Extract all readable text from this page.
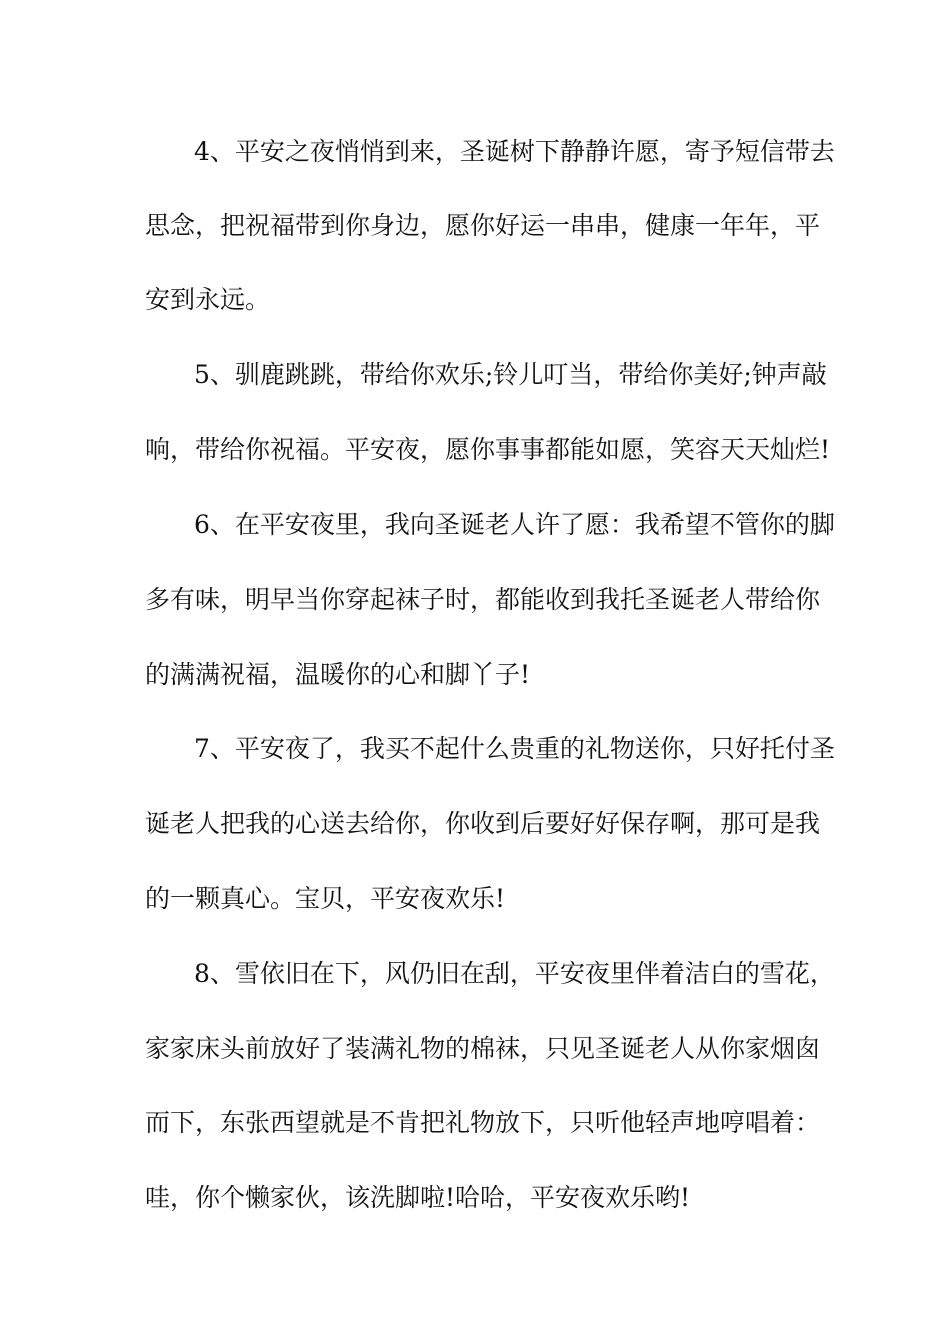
4、平安之夜悄悄到来，圣诞树下静静许愿，寄予短信带去
思念，把祝福带到你身边，愿你好运一串串，健康一年年，平
安到永远。
5、驯鹿跳跳，带给你欢乐;铃儿叮当，带给你美好;钟声敲
响，带给你祝福。平安夜，愿你事事都能如愿，笑容天天灿烂!
6、在平安夜里，我向圣诞老人许了愿：我希望不管你的脚
多有味，明早当你穿起袜子时，都能收到我托圣诞老人带给你
的满满祝福，温暖你的心和脚丫子!
7、平安夜了，我买不起什么贵重的礼物送你，只好托付圣
诞老人把我的心送去给你，你收到后要好好保存啊，那可是我
的一颗真心。宝贝，平安夜欢乐!
8、雪依旧在下，风仍旧在刮，平安夜里伴着洁白的雪花，
家家床头前放好了装满礼物的棉袜，只见圣诞老人从你家烟囱
而下，东张西望就是不肯把礼物放下，只听他轻声地哼唱着：
哇，你个懒家伙，该洗脚啦!哈哈，平安夜欢乐哟!
